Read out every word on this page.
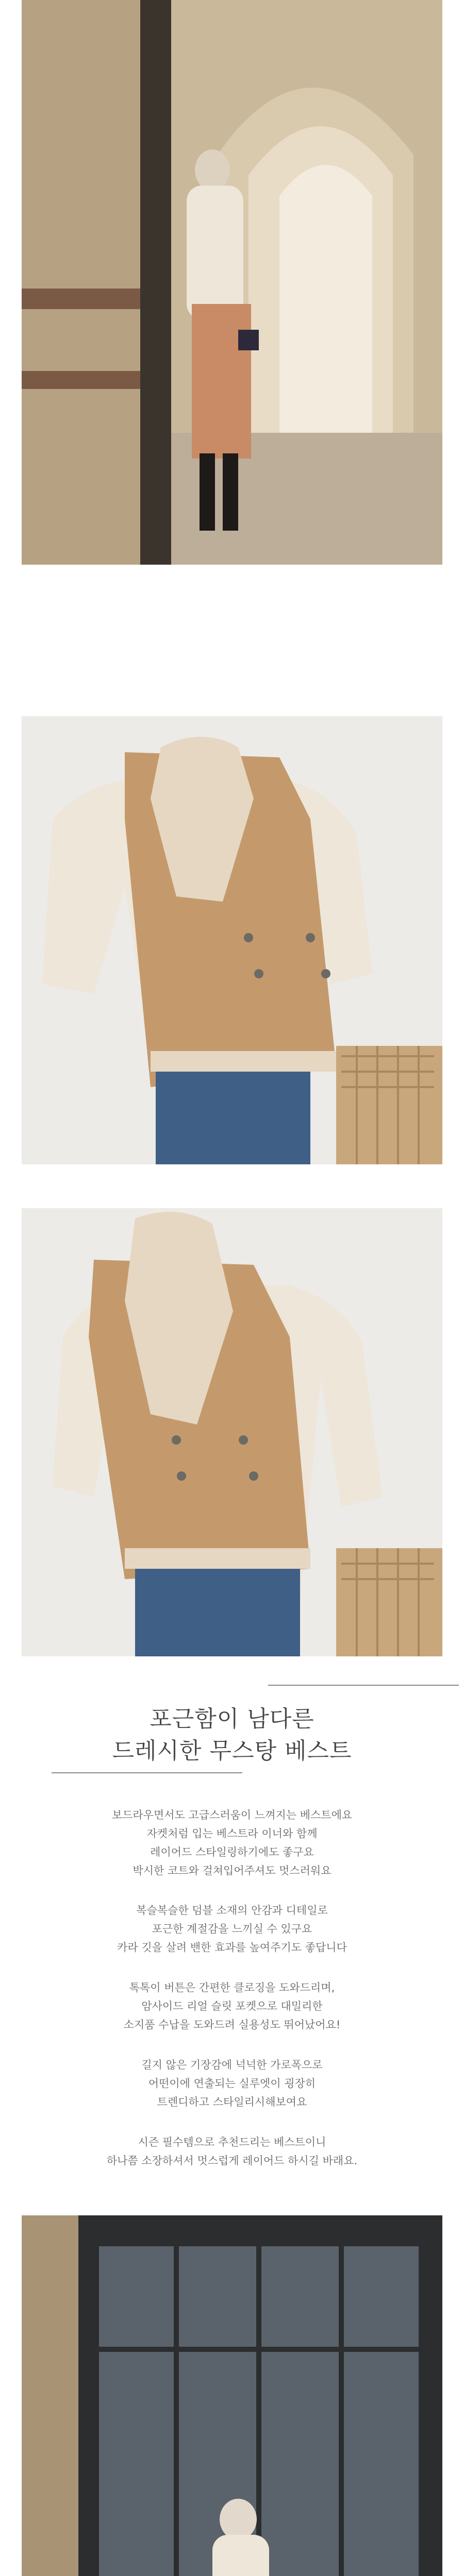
포근함이 남다른
드레시한 무스탕 베스트

보드라우면서도 고급스러움이 느껴지는 베스트에요

자켓처럼 입는 베스트라 이너와 함께

레이어드 스타일링하기에도 좋구요

박시한 코트와 걸쳐입어주셔도 멋스러워요

복슬복슬한 덤블 소재의 안감과 디테일로

포근한 계절감을 느끼실 수 있구요

카라 깃을 살려 밴한 효과를 높여주기도 좋답니다

톡톡이 버튼은 간편한 클로징을 도와드리며,

암사이드 리얼 슬릿 포켓으로 대밀리한

소지품 수납을 도와드려 실용성도 뛰어났어요!

길지 않은 기장감에 넉넉한 가로폭으로

어떤이에 연출되는 실루엣이 굉장히

트렌디하고 스타일리시해보여요

시즌 필수템으로 추천드리는 베스트이니

하나쯤 소장하셔서 멋스럽게 레이어드 하시길 바래요.
